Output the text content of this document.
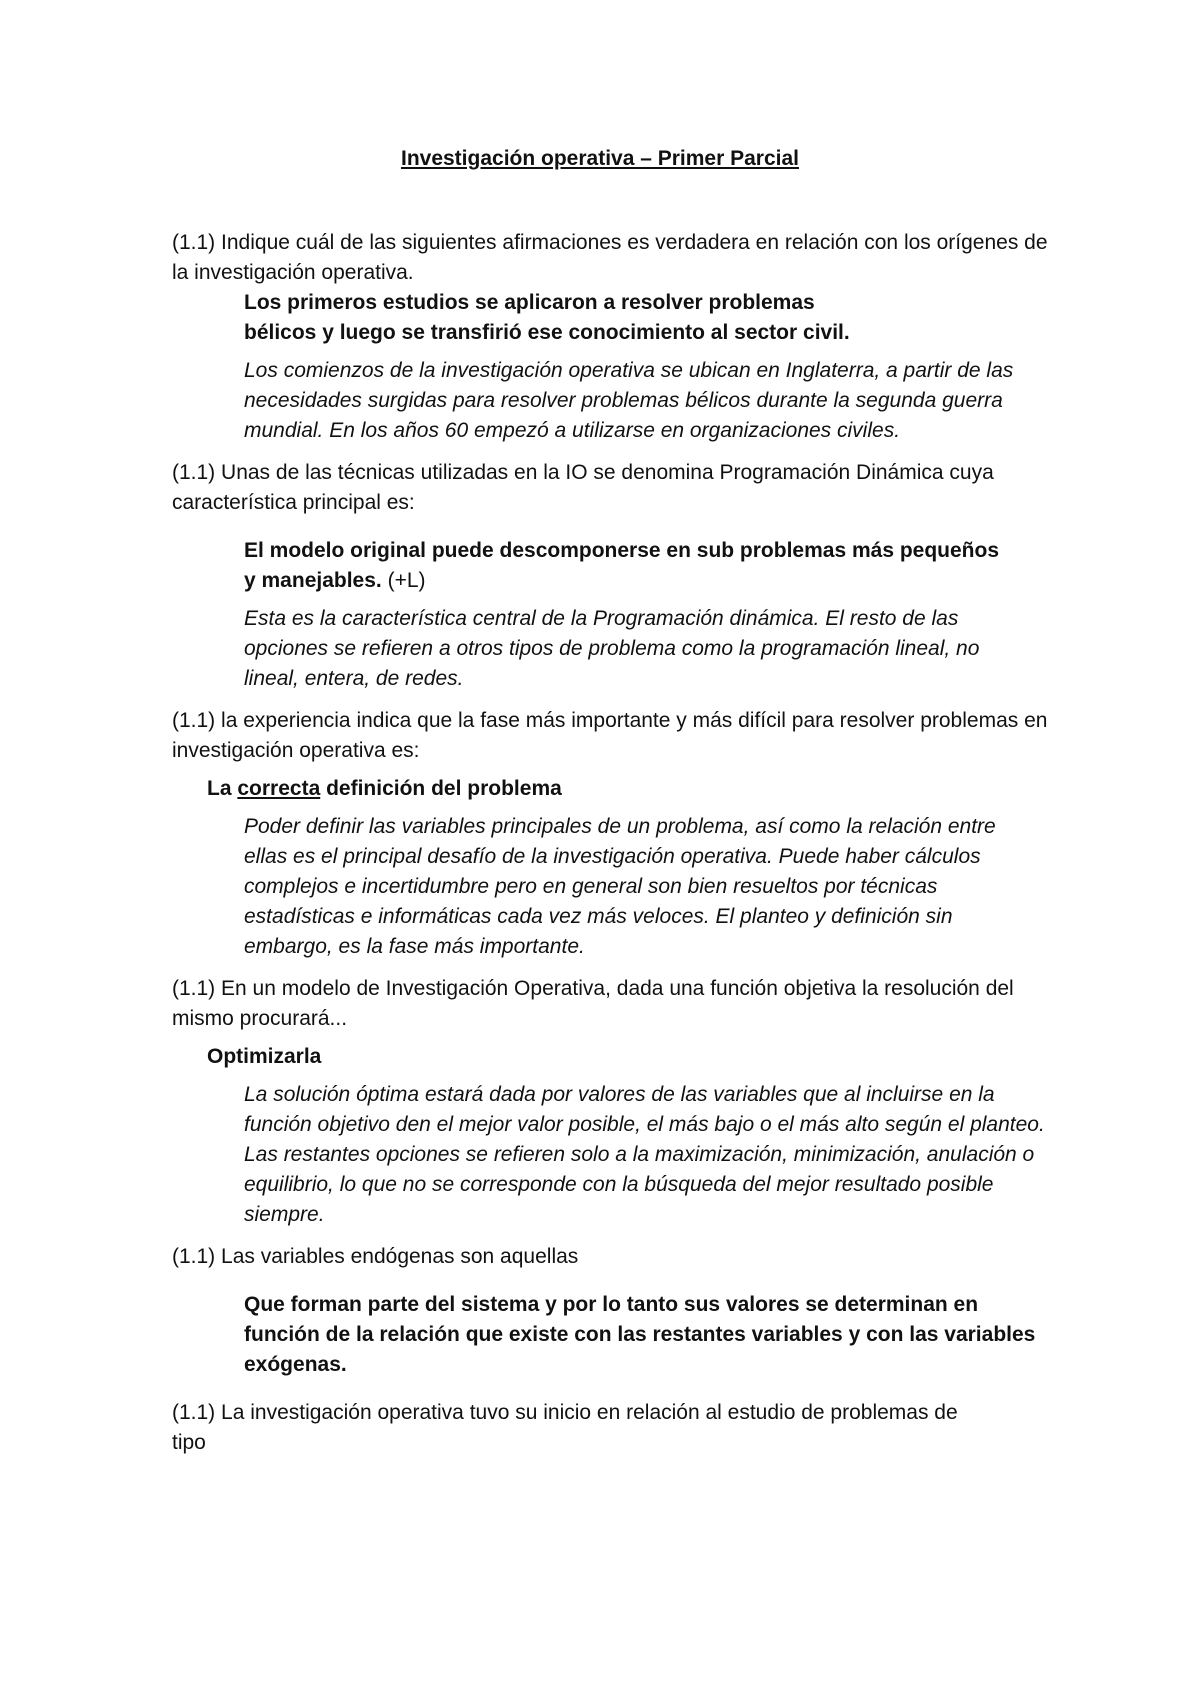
Investigación operativa – Primer Parcial

(1.1) Indique cuál de las siguientes afirmaciones es verdadera en relación con los orígenes de la investigación operativa.

Los primeros estudios se aplicaron a resolver problemas bélicos y luego se transfirió ese conocimiento al sector civil.

Los comienzos de la investigación operativa se ubican en Inglaterra, a partir de las necesidades surgidas para resolver problemas bélicos durante la segunda guerra mundial. En los años 60 empezó a utilizarse en organizaciones civiles.

(1.1) Unas de las técnicas utilizadas en la IO se denomina Programación Dinámica cuya característica principal es:

El modelo original puede descomponerse en sub problemas más pequeños y manejables. (+L)

Esta es la característica central de la Programación dinámica. El resto de las opciones se refieren a otros tipos de problema como la programación lineal, no lineal, entera, de redes.

(1.1) la experiencia indica que la fase más importante y más difícil para resolver problemas en investigación operativa es:

La correcta definición del problema

Poder definir las variables principales de un problema, así como la relación entre ellas es el principal desafío de la investigación operativa. Puede haber cálculos complejos e incertidumbre pero en general son bien resueltos por técnicas estadísticas e informáticas cada vez más veloces. El planteo y definición sin embargo, es la fase más importante.

(1.1) En un modelo de Investigación Operativa, dada una función objetiva la resolución del mismo procurará...

Optimizarla

La solución óptima estará dada por valores de las variables que al incluirse en la función objetivo den el mejor valor posible, el más bajo o el más alto según el planteo. Las restantes opciones se refieren solo a la maximización, minimización, anulación o equilibrio, lo que no se corresponde con la búsqueda del mejor resultado posible siempre.

(1.1) Las variables endógenas son aquellas

Que forman parte del sistema y por lo tanto sus valores se determinan en función de la relación que existe con las restantes variables y con las variables exógenas.

(1.1) La investigación operativa tuvo su inicio en relación al estudio de problemas de tipo
